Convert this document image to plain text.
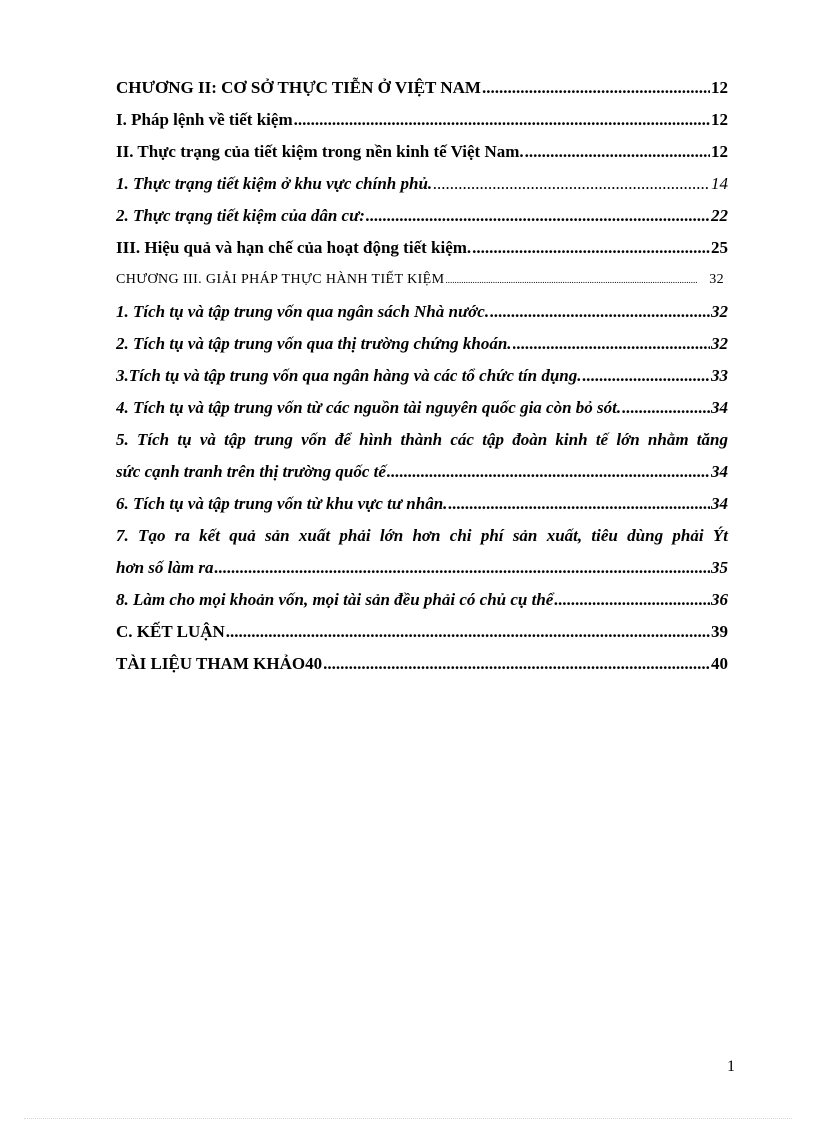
CHƯƠNG II: CƠ SỞ THỰC TIỄN Ở VIỆT NAM .....	12
I. Pháp lệnh về tiết kiệm .....	12
II. Thực trạng của tiết kiệm trong nền kinh tế Việt Nam. .....	12
1. Thực trạng tiết kiệm ở khu vực chính phủ. .....	14
2. Thực trạng tiết kiệm của dân cư: .....	22
III. Hiệu quả và hạn chế của hoạt động tiết kiệm. .....	25
CHƯƠNG III. GIẢI PHÁP THỰC HÀNH TIẾT KIỆM .....	32
1. Tích tụ và tập trung vốn qua ngân sách Nhà nước. .....	32
2. Tích tụ và tập trung vốn qua thị trường chứng khoán. .....	32
3.Tích tụ và tập trung vốn qua ngân hàng và các tổ chức tín dụng. .....	33
4. Tích tụ và tập trung vốn từ các nguồn tài nguyên quốc gia còn bỏ sót. .....	34
5. Tích tụ và tập trung vốn để hình thành các tập đoàn kinh tế lớn nhằm tăng
sức cạnh tranh trên thị trường quốc tế .....	34
6. Tích tụ và tập trung vốn từ khu vực tư nhân. .....	34
7. Tạo ra kết quả sản xuất phải lớn hơn chi phí sản xuất, tiêu dùng phải Ýt
hơn số làm ra .....	35
8. Làm cho mọi khoản vốn, mọi tài sản đều phải có chủ cụ thể .....	36
C. KẾT LUẬN .....	39
TÀI LIỆU THAM KHẢO40 .....	40
1
